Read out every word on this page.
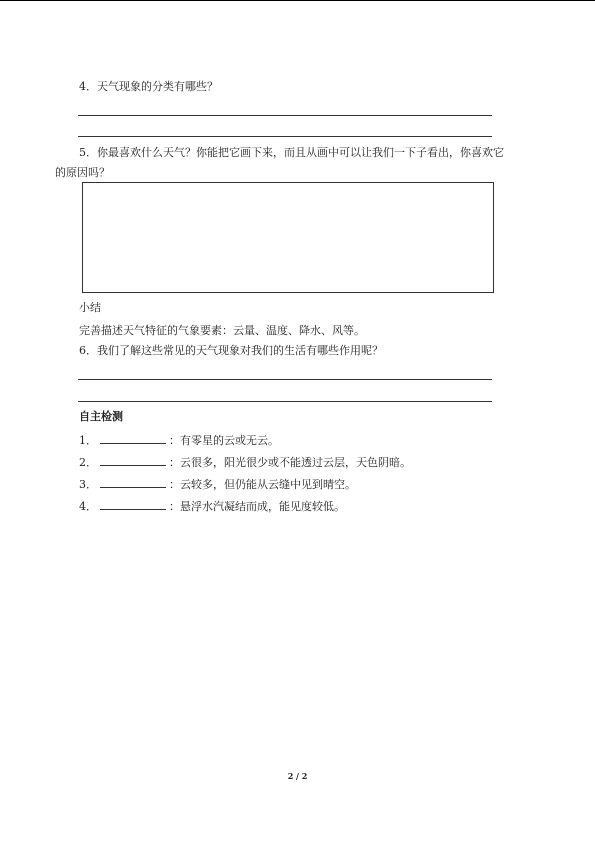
4．天气现象的分类有哪些？
5．你最喜欢什么天气？你能把它画下来，而且从画中可以让我们一下子看出，你喜欢它
的原因吗？
小结
完善描述天气特征的气象要素：云量、温度、降水、风等。
6．我们了解这些常见的天气现象对我们的生活有哪些作用呢？
自主检测
1．	：有零星的云或无云。
2．	：云很多，阳光很少或不能透过云层，天色阴暗。
3．	：云较多，但仍能从云缝中见到晴空。
4．	：悬浮水汽凝结而成，能见度较低。
2 / 2
